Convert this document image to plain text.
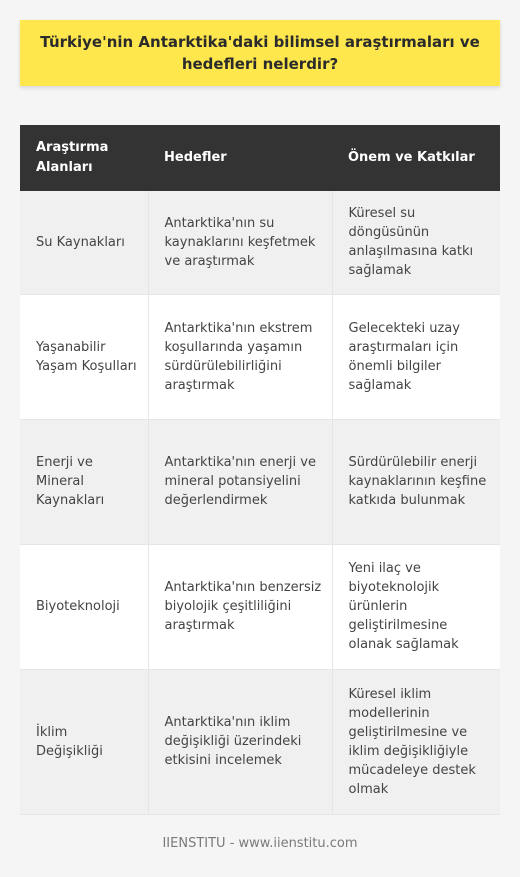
Türkiye'nin Antarktika'daki bilimsel araştırmaları ve hedefleri nelerdir?
Araştırma Alanları	Hedefler	Önem ve Katkılar
Su Kaynakları	Antarktika'nın su kaynaklarını keşfetmek ve araştırmak	Küresel su döngüsünün anlaşılmasına katkı sağlamak
Yaşanabilir Yaşam Koşulları	Antarktika'nın ekstrem koşullarında yaşamın sürdürülebilirliğini araştırmak	Gelecekteki uzay araştırmaları için önemli bilgiler sağlamak
Enerji ve Mineral Kaynakları	Antarktika'nın enerji ve mineral potansiyelini değerlendirmek	Sürdürülebilir enerji kaynaklarının keşfine katkıda bulunmak
Biyoteknoloji	Antarktika'nın benzersiz biyolojik çeşitliliğini araştırmak	Yeni ilaç ve biyoteknolojik ürünlerin geliştirilmesine olanak sağlamak
İklim Değişikliği	Antarktika'nın iklim değişikliği üzerindeki etkisini incelemek	Küresel iklim modellerinin geliştirilmesine ve iklim değişikliğiyle mücadeleye destek olmak
IIENSTITU - www.iienstitu.com
